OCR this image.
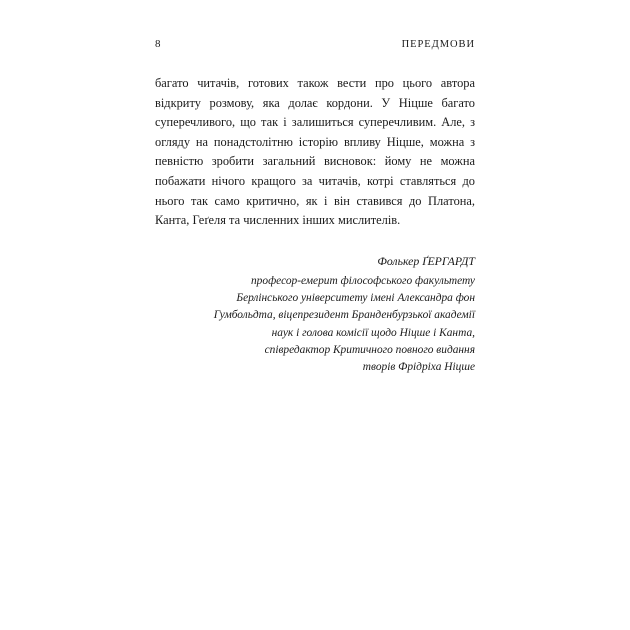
8	ПЕРЕДМОВИ

багато читачів, готових також вести про цього автора відкриту розмову, яка долає кордони. У Ніцше багато суперечливого, що так і залишиться суперечливим. Але, з огляду на понадстолітню історію впливу Ніцше, можна з певністю зробити загальний висновок: йому не можна побажати нічого кращого за читачів, котрі ставляться до нього так само критично, як і він ставився до Платона, Канта, Геґеля та численних інших мислителів.

Фолькер ҐЕРГАРДТ
професор-емерит філософського факультету
Берлінського університету імені Александра фон
Гумбольдта, віцепрезидент Бранденбурзької академії
наук і голова комісії щодо Ніцше і Канта,
співредактор Критичного повного видання
творів Фрідріха Ніцше
